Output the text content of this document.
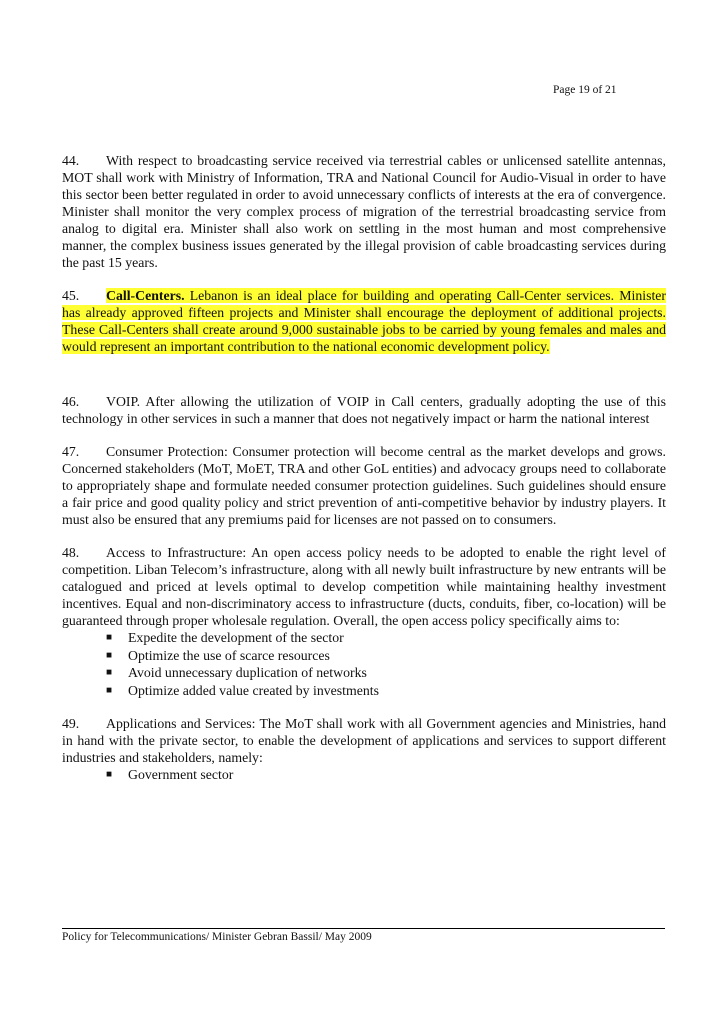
Page 19 of 21

44. With respect to broadcasting service received via terrestrial cables or unlicensed satellite antennas, MOT shall work with Ministry of Information, TRA and National Council for Audio-Visual in order to have this sector been better regulated in order to avoid unnecessary conflicts of interests at the era of convergence. Minister shall monitor the very complex process of migration of the terrestrial broadcasting service from analog to digital era. Minister shall also work on settling in the most human and most comprehensive manner, the complex business issues generated by the illegal provision of cable broadcasting services during the past 15 years.

45. Call-Centers. Lebanon is an ideal place for building and operating Call-Center services. Minister has already approved fifteen projects and Minister shall encourage the deployment of additional projects. These Call-Centers shall create around 9,000 sustainable jobs to be carried by young females and males and would represent an important contribution to the national economic development policy.

46. VOIP. After allowing the utilization of VOIP in Call centers, gradually adopting the use of this technology in other services in such a manner that does not negatively impact or harm the national interest

47. Consumer Protection: Consumer protection will become central as the market develops and grows. Concerned stakeholders (MoT, MoET, TRA and other GoL entities) and advocacy groups need to collaborate to appropriately shape and formulate needed consumer protection guidelines. Such guidelines should ensure a fair price and good quality policy and strict prevention of anti-competitive behavior by industry players. It must also be ensured that any premiums paid for licenses are not passed on to consumers.

48. Access to Infrastructure: An open access policy needs to be adopted to enable the right level of competition. Liban Telecom’s infrastructure, along with all newly built infrastructure by new entrants will be catalogued and priced at levels optimal to develop competition while maintaining healthy investment incentives. Equal and non-discriminatory access to infrastructure (ducts, conduits, fiber, co-location) will be guaranteed through proper wholesale regulation. Overall, the open access policy specifically aims to:

■ Expedite the development of the sector
■ Optimize the use of scarce resources
■ Avoid unnecessary duplication of networks
■ Optimize added value created by investments

49. Applications and Services: The MoT shall work with all Government agencies and Ministries, hand in hand with the private sector, to enable the development of applications and services to support different industries and stakeholders, namely:

■ Government sector
Policy for Telecommunications/ Minister Gebran Bassil/ May 2009
